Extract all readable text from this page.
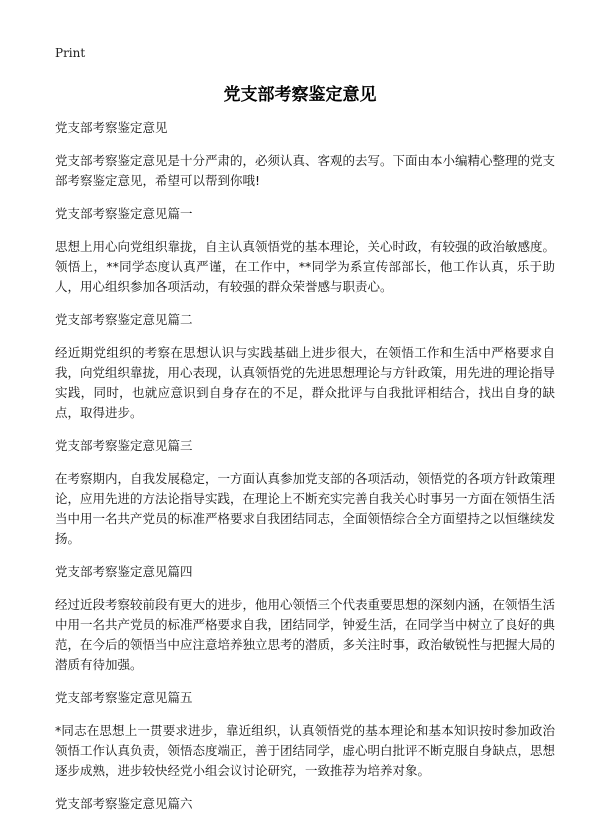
Print
党支部考察鉴定意见
党支部考察鉴定意见

党支部考察鉴定意见是十分严肃的，必须认真、客观的去写。下面由本小编精心整理的党支部考察鉴定意见，希望可以帮到你哦!

党支部考察鉴定意见篇一

思想上用心向党组织靠拢，自主认真领悟党的基本理论，关心时政，有较强的政治敏感度。领悟上，**同学态度认真严谨，在工作中，**同学为系宣传部部长，他工作认真，乐于助人，用心组织参加各项活动，有较强的群众荣誉感与职责心。

党支部考察鉴定意见篇二

经近期党组织的考察在思想认识与实践基础上进步很大，在领悟工作和生活中严格要求自我，向党组织靠拢，用心表现，认真领悟党的先进思想理论与方针政策，用先进的理论指导实践，同时，也就应意识到自身存在的不足，群众批评与自我批评相结合，找出自身的缺点，取得进步。

党支部考察鉴定意见篇三

在考察期内，自我发展稳定，一方面认真参加党支部的各项活动，领悟党的各项方针政策理论，应用先进的方法论指导实践，在理论上不断充实完善自我关心时事另一方面在领悟生活当中用一名共产党员的标准严格要求自我团结同志，全面领悟综合全方面望持之以恒继续发扬。

党支部考察鉴定意见篇四

经过近段考察较前段有更大的进步，他用心领悟三个代表重要思想的深刻内涵，在领悟生活中用一名共产党员的标准严格要求自我，团结同学，钟爱生活，在同学当中树立了良好的典范，在今后的领悟当中应注意培养独立思考的潜质，多关注时事，政治敏锐性与把握大局的潜质有待加强。

党支部考察鉴定意见篇五

*同志在思想上一贯要求进步，靠近组织，认真领悟党的基本理论和基本知识按时参加政治领悟工作认真负责，领悟态度端正，善于团结同学，虚心明白批评不断克服自身缺点，思想逐步成熟，进步较快经党小组会议讨论研究，一致推荐为培养对象。

党支部考察鉴定意见篇六
